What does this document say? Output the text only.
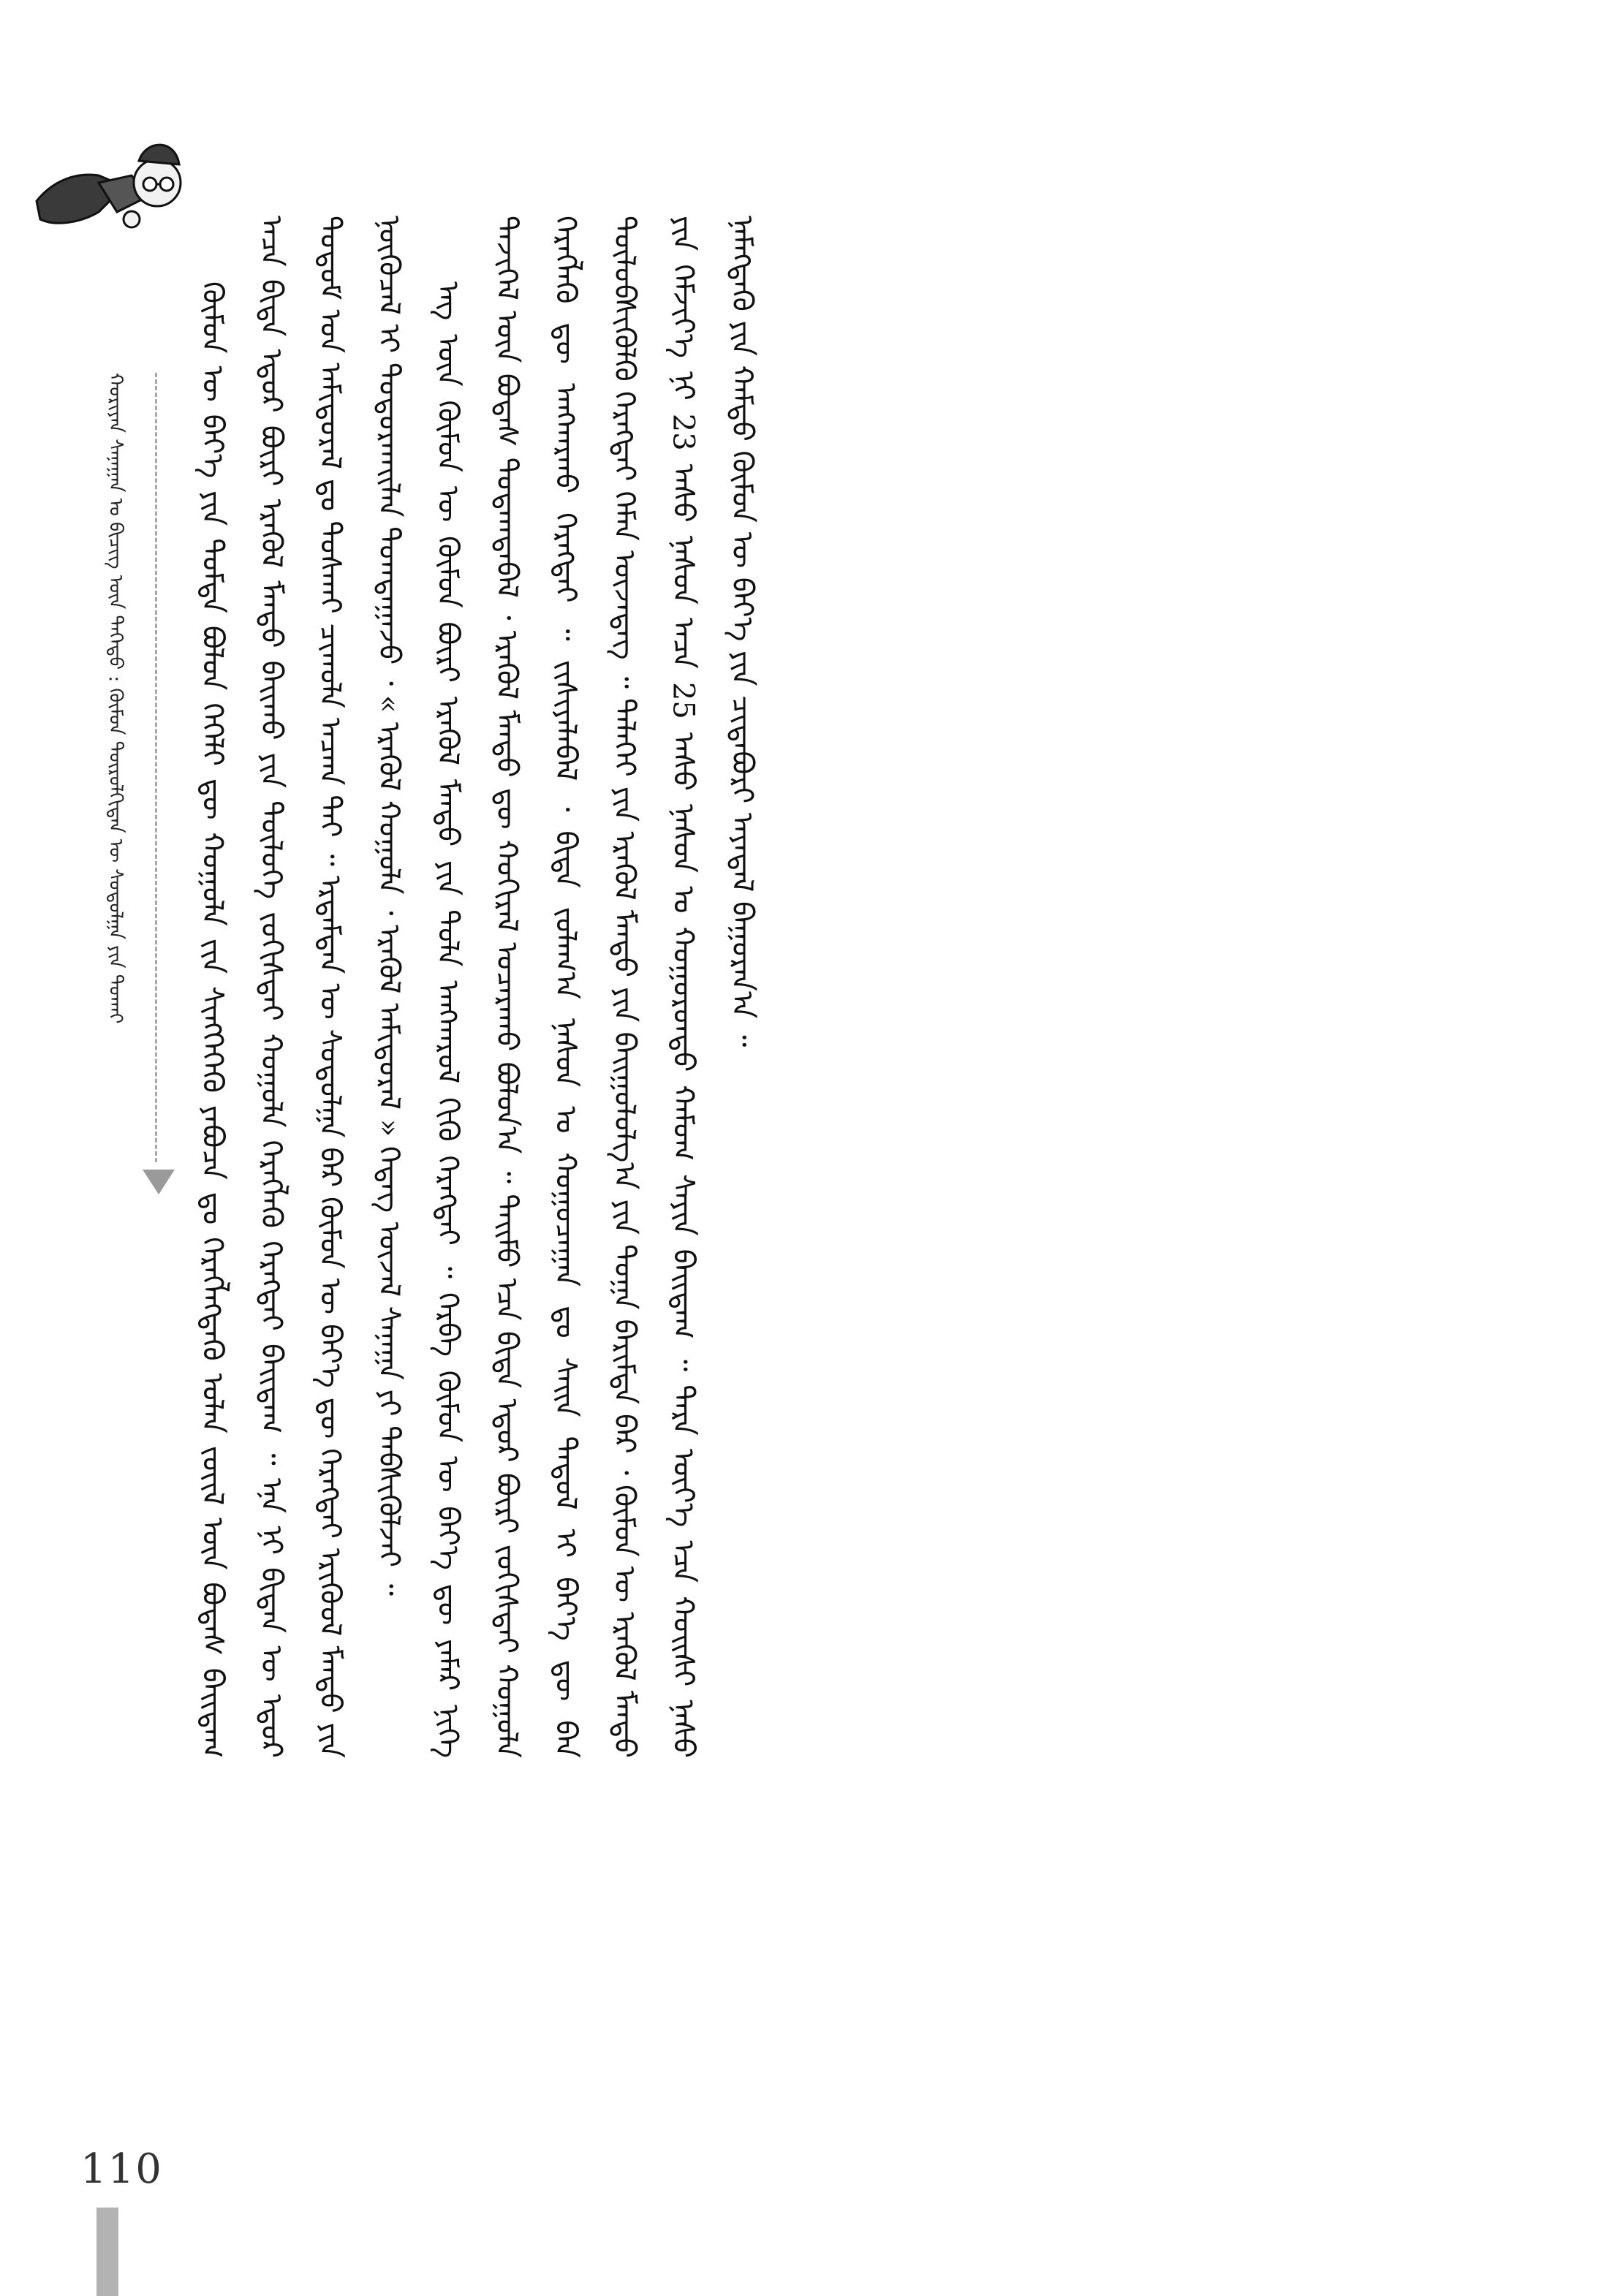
ᠬᠣᠷᠢᠶᠠᠨ ᠰᠠᠨᠠᠭᠠᠨ ᠤ ᠪᠢᠴᠢᠭ ᠦᠨ ᠳᠡᠭᠡᠳᠦ : ᠬᠦᠮᠦᠨ ᠲᠥᠷᠥᠯᠬᠢᠲᠡᠨ ᠦ ᠰᠤᠳᠤᠯᠭᠠ ᠶᠢᠨ ᠲᠤᠬᠠᠢ	ᠬᠦᠮᠦᠨ ᠦ ᠪᠡᠶ᠎ᠡ ᠶᠢᠨ ᠳᠤᠮᠳᠠ ᠪᠣᠯᠣᠨ ᠬᠡᠭᠡᠯᠢ ᠳᠦ ᠬᠣᠭᠣᠯᠠ ᠵᠢᠨ ᠰᠢᠩᠭᠡᠭᠡᠬᠦ ᠶᠠᠪᠤᠴᠠ ᠳᠤ ᠬᠡᠷᠡᠭᠯᠡᠭᠳᠡᠬᠦ ᠣᠯᠠᠨ ᠵᠦᠢᠯ ᠦᠨ ᠪᠣᠳᠠᠰ ᠪᠠᠢᠳᠠᠭ ᠠᠴᠠ ᠪᠢᠳᠡ ᠡᠳᠦᠷ ᠪᠦᠷᠢ ᠡᠷᠡᠭᠦᠯ ᠮᠡᠨᠳᠦ ᠪᠠᠢᠬᠤ ᠶᠢᠨ ᠲᠥᠯᠥᠭᠡ ᠵᠣᠬᠢᠰᠲᠠᠢ ᠬᠣᠭᠣᠯᠠ ᠬᠡᠷᠡᠭᠯᠡᠬᠦ ᠬᠡᠷᠡᠭᠲᠡᠢ ᠪᠠᠢᠳᠠᠭ ᠃ ᠡᠨᠡ ᠨᠢ ᠪᠢᠳᠡᠨ ᠦ ᠡᠳᠦᠷ ᠲᠤᠲᠤᠮ ᠤᠨ ᠠᠮᠢᠳᠤᠷᠠᠯ ᠳᠤ ᠲᠤᠰᠬᠠᠢ ᠴᠢᠬᠤᠯᠠ ᠠᠴᠬᠠ ᠲᠠᠢ ᠃ ᠡᠷᠳᠡᠮᠲᠡᠨ ᠦ ᠰᠤᠳᠤᠯᠭᠠ ᠪᠡᠷ ᠬᠦᠮᠦᠨ ᠦ ᠪᠡᠶ᠎ᠡ ᠳᠦ ᠬᠡᠷᠡᠭᠲᠡᠢ ᠡᠷᠢᠭᠦᠦᠯ ᠮᠡᠨᠳᠦ ᠶᠢᠨ ᠨᠥᠬᠦᠴᠡᠯ ᠢ ᠲᠣᠳᠣᠷᠬᠠᠢᠯᠠᠨ ᠲᠣᠭᠲᠠᠭᠠᠵᠤ ᠂ « ᠡᠷᠡᠭᠦᠯ ᠬᠣᠭᠣᠯᠠ ᠂ ᠡᠷᠡᠭᠦᠯ ᠠᠮᠢᠳᠤᠷᠠᠯ » ᠭᠡᠳᠡᠭ ᠦᠵᠡᠯ ᠰᠠᠨᠠᠭᠠ ᠶᠢ ᠳᠡᠪᠰᠢᠭᠦᠯᠵᠡᠢ ᠃ ᠡᠩ ᠦᠨ ᠬᠦᠮᠦᠨ ᠦ ᠬᠦᠮᠦᠨ ᠪᠦᠷᠢ ᠡᠷᠡᠭᠦᠯ ᠮᠡᠨᠳᠦ ᠶᠢᠨ ᠲᠤᠯᠠ ᠠᠩᠬᠠᠷᠤᠯ ᠬᠢᠬᠦ ᠬᠡᠷᠡᠭᠲᠡᠢ ᠃ ᠬᠡᠷᠪᠡ ᠬᠦᠮᠦᠨ ᠦ ᠪᠡᠶ᠎ᠡ ᠳᠦ ᠶᠠᠮᠠᠷ ᠨᠢᠭᠡ ᠲᠡᠵᠢᠭᠡᠯ ᠦᠨ ᠪᠣᠳᠠᠰ ᠳᠤᠲᠠᠭᠳᠠᠪᠠᠯ ᠂ ᠡᠷᠡᠭᠦᠯ ᠮᠡᠨᠳᠦ ᠳᠦ ᠬᠣᠬᠢᠷᠠᠯ ᠤᠴᠠᠷᠠᠬᠤ ᠪᠣᠯᠣᠨ᠎ᠠ ᠃ ᠲᠡᠢᠮᠦ ᠡᠴᠡ ᠪᠢᠳᠡ ᠡᠳᠦᠷ ᠪᠦᠷᠢ ᠵᠣᠬᠢᠰᠲᠠᠢ ᠬᠣᠭᠣᠯᠠ ᠬᠡᠷᠡᠭᠯᠡᠬᠦ ᠳᠦ ᠠᠩᠬᠠᠷᠬᠤ ᠬᠡᠷᠡᠭᠲᠡᠢ ᠃ ᠵᠢᠱᠢᠶᠡᠯᠡᠪᠡᠯ ᠂ ᠪᠢᠳᠡ ᠵᠤᠯᠠᠭ᠎ᠠ ᠨᠠᠰᠤᠨ ᠤ ᠬᠤᠭᠤᠴᠠᠭᠠᠨ ᠳᠤ ᠰᠠᠢᠨ ᠳᠠᠳᠤᠯ ᠢ ᠪᠡᠶ᠎ᠡ ᠳᠦ ᠪᠡᠨ ᠲᠥᠯᠥᠪᠰᠢᠭᠦᠯᠬᠦ ᠬᠡᠷᠡᠭᠲᠡᠢ ᠬᠡᠮᠡᠨ ᠦᠵᠡᠳᠡᠭ ᠃ ᠳᠡᠯᠡᠬᠡᠢ ᠶᠢᠨ ᠡᠷᠡᠭᠦᠯ ᠮᠡᠨᠳᠦ ᠶᠢᠨ ᠪᠠᠢᠭᠤᠯᠤᠯᠭ᠎ᠠ ᠶᠢᠨ ᠲᠣᠭᠠ ᠪᠠᠷᠢᠮᠲᠠ ᠪᠡᠷ ᠂ ᠬᠦᠮᠦᠨ ᠦ ᠡᠷᠡᠭᠦᠯ ᠮᠡᠨᠳᠦ ᠶᠢᠨ ᠬᠡᠮᠵᠢᠶ᠎ᠡ ᠨᠢ 23 ᠠᠰᠤ ᠨᠠᠰᠤᠨ ᠠᠴᠠ 25 ᠠᠰᠤ ᠨᠠᠰᠤᠨ ᠤ ᠬᠣᠭᠣᠷᠣᠨᠳᠣ ᠬᠠᠮᠤᠭ ᠰᠠᠶᠢᠨ ᠪᠠᠢᠳᠠᠭ ᠃ ᠲᠡᠷᠡ ᠦᠶ᠎ᠡ ᠡᠴᠡ ᠬᠣᠢᠰᠢ ᠨᠠᠰᠤ ᠨᠡᠮᠡᠭᠳᠡᠬᠦ ᠶᠢᠨ ᠬᠠᠮᠲᠤ ᠬᠦᠮᠦᠨ ᠦ ᠪᠡᠶ᠎ᠡ ᠶᠢᠨ ᠴᠢᠳᠠᠪᠤᠷᠢ ᠠᠶᠠᠳᠠᠯ ᠪᠠᠭᠤᠷᠠᠨ᠎ᠠ ᠃

110
